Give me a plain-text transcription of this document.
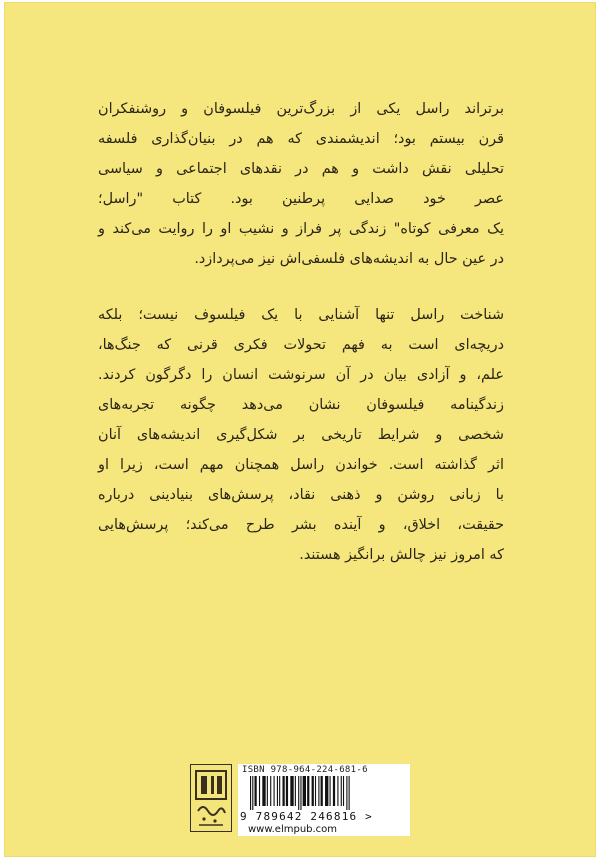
برتراند راسل یکی از بزرگ‌ترین فیلسوفان و روشنفکران
قرن بیستم بود؛ اندیشمندی که هم در بنیان‌گذاری فلسفه
تحلیلی نقش داشت و هم در نقدهای اجتماعی و سیاسی
عصر خود صدایی پرطنین بود. کتاب "راسل؛
یک معرفی کوتاه" زندگی پر فراز و نشیب او را روایت می‌کند و
در عین حال به اندیشه‌های فلسفی‌اش نیز می‌پردازد.
شناخت راسل تنها آشنایی با یک فیلسوف نیست؛ بلکه
دریچه‌ای است به فهم تحولات فکری قرنی که جنگ‌ها،
علم، و آزادی بیان در آن سرنوشت انسان را دگرگون کردند.
زندگینامه فیلسوفان نشان می‌دهد چگونه تجربه‌های
شخصی و شرایط تاریخی بر شکل‌گیری اندیشه‌های آنان
اثر گذاشته است. خواندن راسل همچنان مهم است، زیرا او
با زبانی روشن و ذهنی نقاد، پرسش‌های بنیادینی درباره
حقیقت، اخلاق، و آینده بشر طرح می‌کند؛ پرسش‌هایی
که امروز نیز چالش برانگیز هستند.
ISBN 978-964-224-681-6
9 789642 246816 >
www.elmpub.com
